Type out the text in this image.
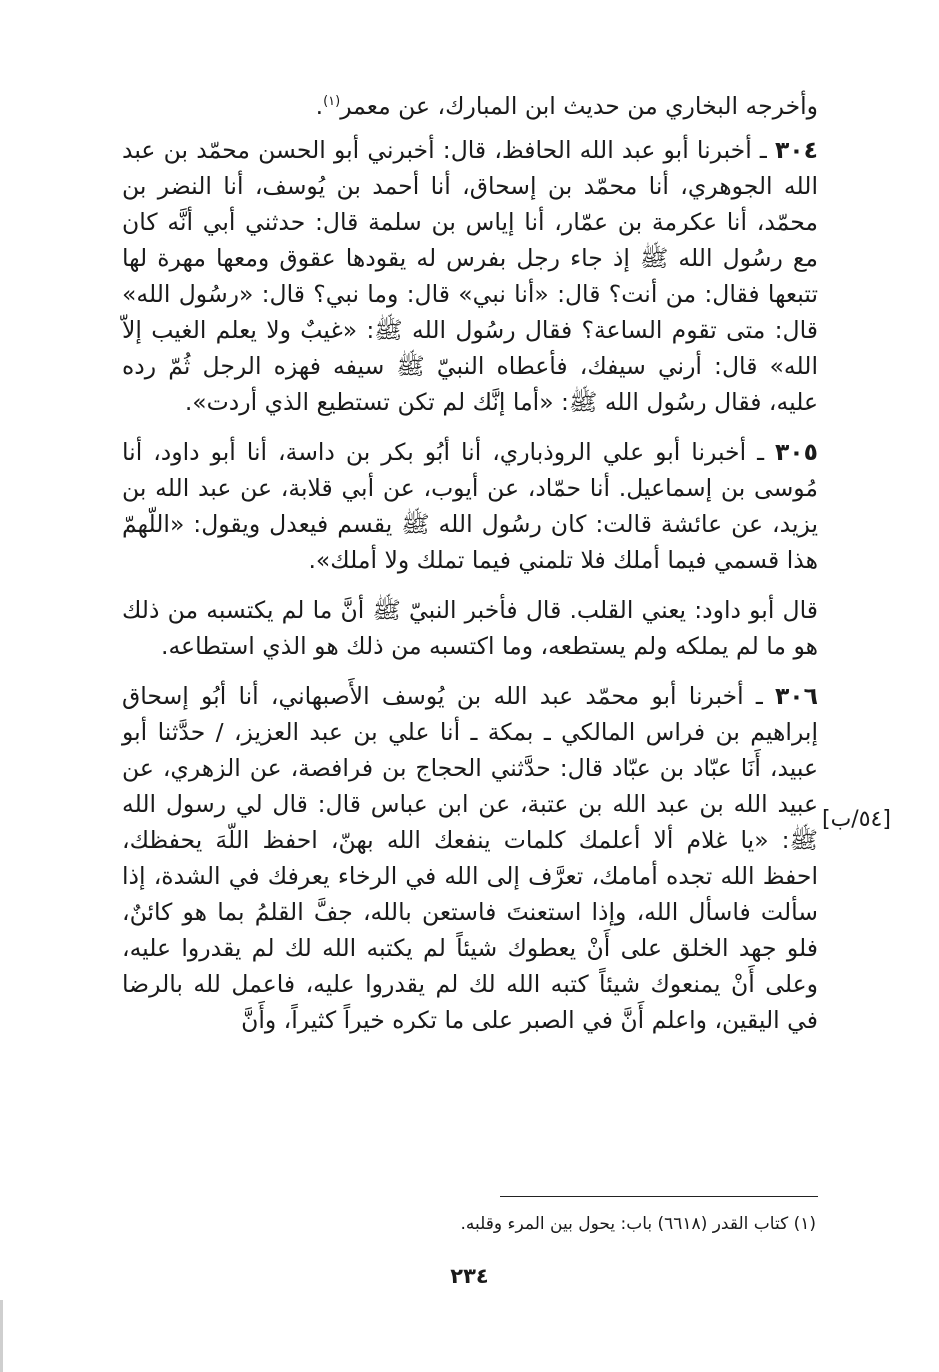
وأخرجه البخاري من حديث ابن المبارك، عن معمر$^{(١)}$.

٣٠٤ ـ أخبرنا أبو عبد الله الحافظ، قال: أخبرني أبو الحسن محمّد بن عبد الله الجوهري، أنا محمّد بن إسحاق، أنا أحمد بن يُوسف، أنا النضر بن محمّد، أنا عكرمة بن عمّار، أنا إياس بن سلمة قال: حدثني أبي أنَّه كان مع رسُول الله ﷺ إذ جاء رجل بفرس له يقودها عقوق ومعها مهرة لها تتبعها فقال: من أنت؟ قال: «أنا نبي» قال: وما نبي؟ قال: «رسُول الله» قال: متى تقوم الساعة؟ فقال رسُول الله ﷺ: «غيبٌ ولا يعلم الغيب إلاّ الله» قال: أرني سيفك، فأعطاه النبيّ ﷺ سيفه فهزه الرجل ثُمّ رده عليه، فقال رسُول الله ﷺ: «أما إنَّك لم تكن تستطيع الذي أردت».

٣٠٥ ـ أخبرنا أبو علي الروذباري، أنا أبُو بكر بن داسة، أنا أبو داود، أنا مُوسى بن إسماعيل. أنا حمّاد، عن أيوب، عن أبي قلابة، عن عبد الله بن يزيد، عن عائشة قالت: كان رسُول الله ﷺ يقسم فيعدل ويقول: «اللّهمّ هذا قسمي فيما أملك فلا تلمني فيما تملك ولا أملك».

قال أبو داود: يعني القلب. قال فأخبر النبيّ ﷺ أنَّ ما لم يكتسبه من ذلك هو ما لم يملكه ولم يستطعه، وما اكتسبه من ذلك هو الذي استطاعه.

٣٠٦ ـ أخبرنا أبو محمّد عبد الله بن يُوسف الأَصبهاني، أنا أبُو إسحاق إبراهيم بن فراس المالكي ـ بمكة ـ أنا علي بن عبد العزيز، / حدَّثنا أبو عبيد، أَنَا عبّاد بن عبّاد قال: حدَّثني الحجاج بن فرافصة، عن الزهري، عن عبيد الله بن عبد الله بن عتبة، عن ابن عباس قال: قال لي رسول الله ﷺ: «يا غلام ألا أعلمك كلمات ينفعك الله بهنّ، احفظ اللّهَ يحفظك، احفظ الله تجده أمامك، تعرَّف إلى الله في الرخاء يعرفك في الشدة، إذا سألت فاسأل الله، وإذا استعنتَ فاستعن بالله، جفَّ القلمُ بما هو كائنٌ، فلو جهد الخلق على أَنْ يعطوك شيئاً لم يكتبه الله لك لم يقدروا عليه، وعلى أَنْ يمنعوك شيئاً كتبه الله لك لم يقدروا عليه، فاعمل لله بالرضا في اليقين، واعلم أَنَّ في الصبر على ما تكره خيراً كثيراً، وأَنَّ

[٥٤/ب]
(١) كتاب القدر (٦٦١٨) باب: يحول بين المرء وقلبه.
٢٣٤
